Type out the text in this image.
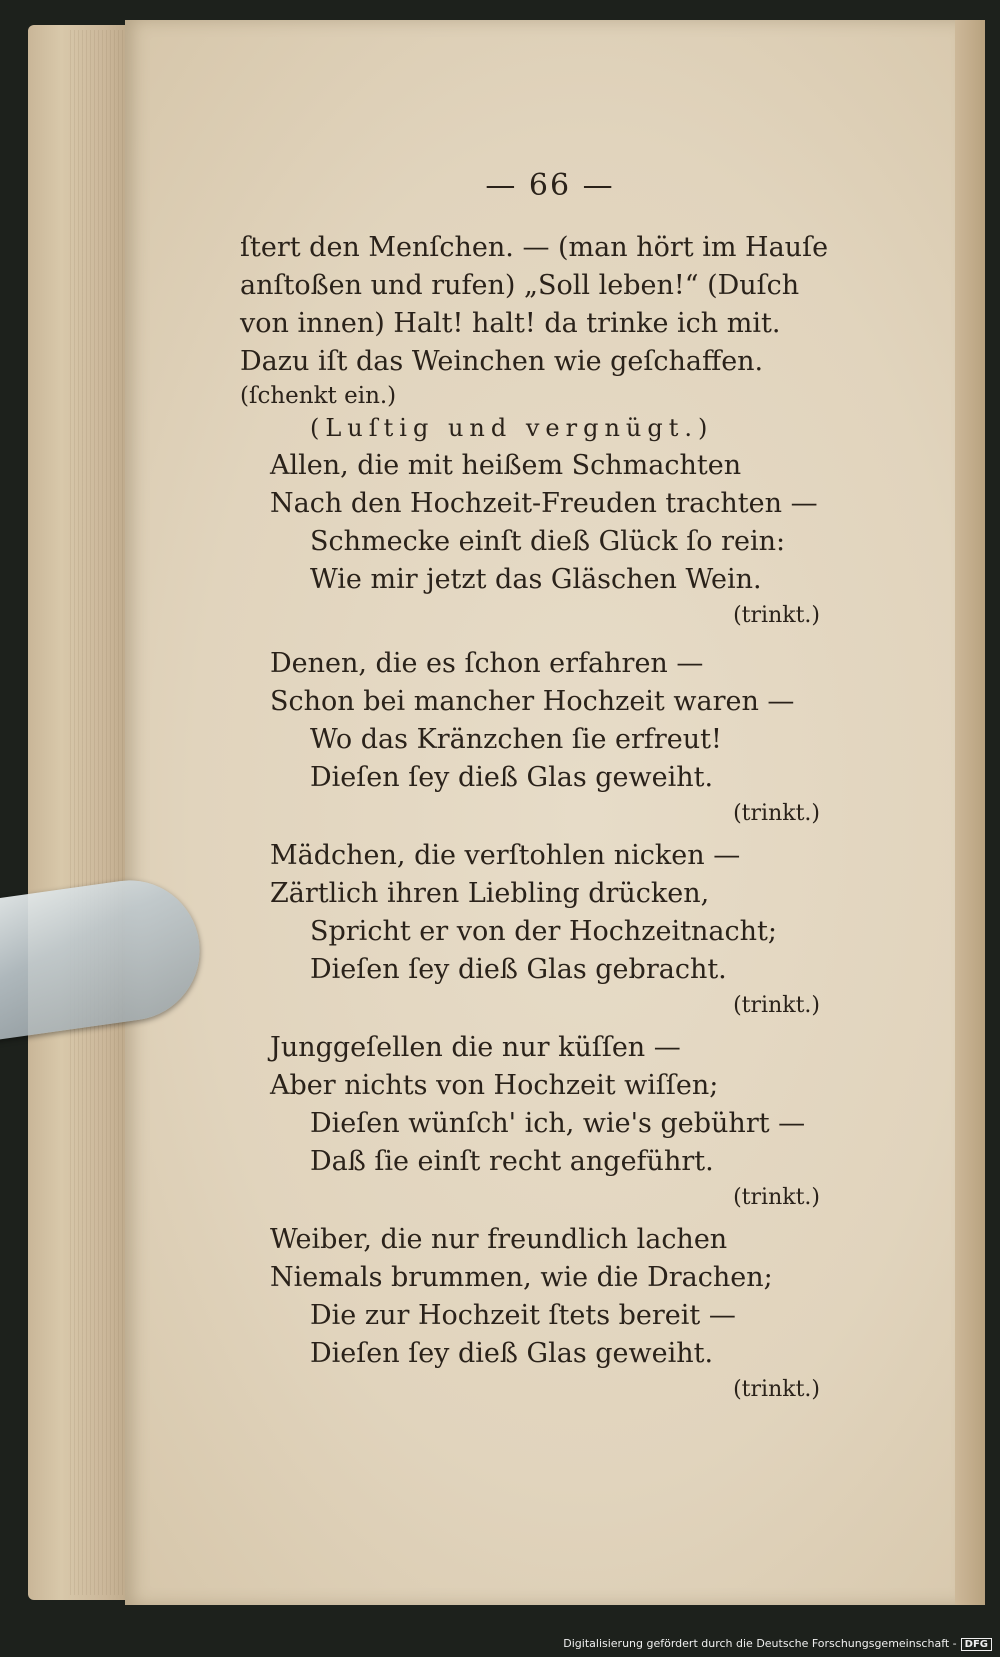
— 66 —
ſtert den Menſchen. — (man hört im Hauſe
anſtoßen und rufen) „Soll leben!“ (Duſch
von innen) Halt! halt! da trinke ich mit.
Dazu iſt das Weinchen wie geſchaffen.
(ſchenkt ein.)
(Luſtig und vergnügt.)
Allen, die mit heißem Schmachten
Nach den Hochzeit-Freuden trachten —
Schmecke einſt dieß Glück ſo rein:
Wie mir jetzt das Gläschen Wein.
(trinkt.)
Denen, die es ſchon erfahren —
Schon bei mancher Hochzeit waren —
Wo das Kränzchen ſie erfreut!
Dieſen ſey dieß Glas geweiht.
(trinkt.)
Mädchen, die verſtohlen nicken —
Zärtlich ihren Liebling drücken,
Spricht er von der Hochzeitnacht;
Dieſen ſey dieß Glas gebracht.
(trinkt.)
Junggeſellen die nur küſſen —
Aber nichts von Hochzeit wiſſen;
Dieſen wünſch' ich, wie's gebührt —
Daß ſie einſt recht angeführt.
(trinkt.)
Weiber, die nur freundlich lachen
Niemals brummen, wie die Drachen;
Die zur Hochzeit ſtets bereit —
Dieſen ſey dieß Glas geweiht.
(trinkt.)
Digitalisierung gefördert durch die Deutsche Forschungsgemeinschaft - DFG
